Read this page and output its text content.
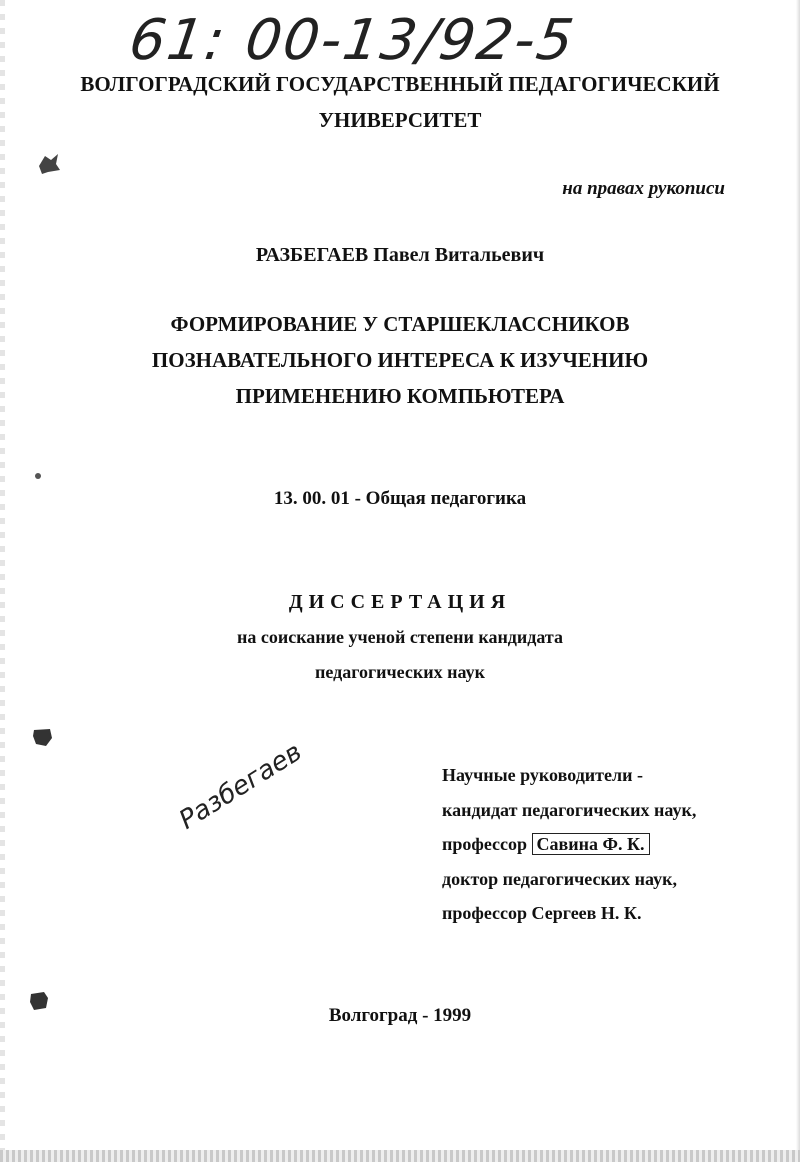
61: 00-13/92-5
ВОЛГОГРАДСКИЙ ГОСУДАРСТВЕННЫЙ ПЕДАГОГИЧЕСКИЙ
УНИВЕРСИТЕТ
на правах рукописи
РАЗБЕГАЕВ Павел Витальевич
ФОРМИРОВАНИЕ У СТАРШЕКЛАССНИКОВ
ПОЗНАВАТЕЛЬНОГО ИНТЕРЕСА К ИЗУЧЕНИЮ
ПРИМЕНЕНИЮ КОМПЬЮТЕРА
13. 00. 01 - Общая педагогика
ДИССЕРТАЦИЯ
на соискание ученой степени кандидата
педагогических наук
Разбегаев	Научные руководители -
кандидат педагогических наук,
профессор Савина Ф. К.
доктор педагогических наук,
профессор Сергеев Н. К.
Волгоград - 1999
